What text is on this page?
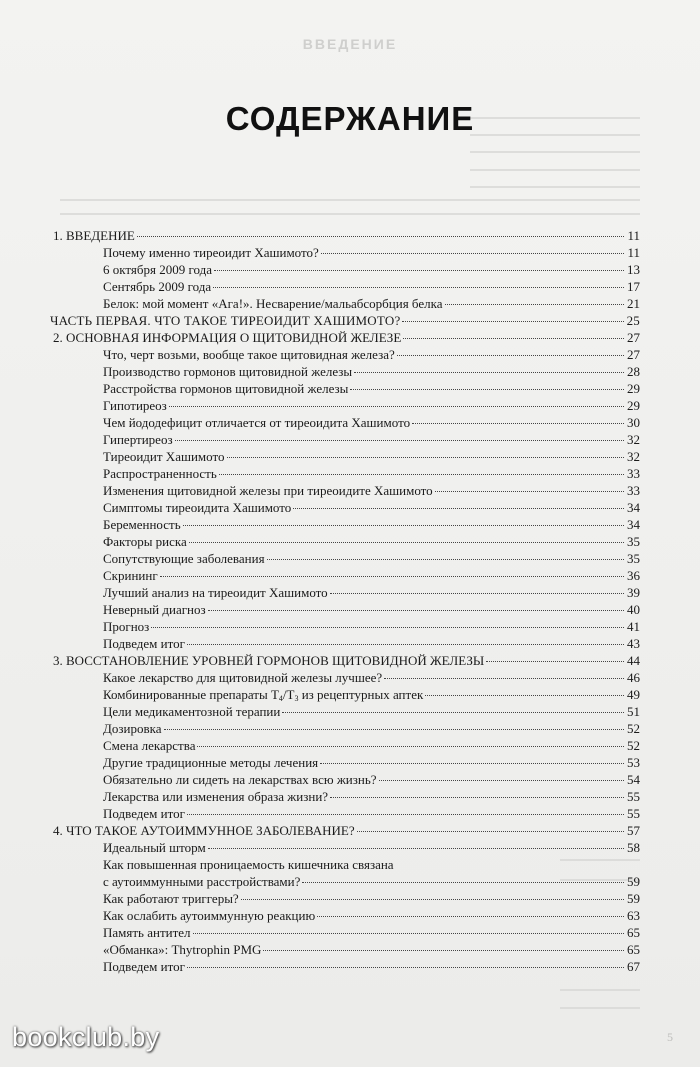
ВВЕДЕНИЕ
СОДЕРЖАНИЕ
1. ВВЕДЕНИЕ	11
Почему именно тиреоидит Хашимото?	11
6 октября 2009 года	13
Сентябрь 2009 года	17
Белок: мой момент «Ага!». Несварение/мальабсорбция белка	21
ЧАСТЬ ПЕРВАЯ. ЧТО ТАКОЕ ТИРЕОИДИТ ХАШИМОТО?	25
2. ОСНОВНАЯ ИНФОРМАЦИЯ О ЩИТОВИДНОЙ ЖЕЛЕЗЕ	27
Что, черт возьми, вообще такое щитовидная железа?	27
Производство гормонов щитовидной железы	28
Расстройства гормонов щитовидной железы	29
Гипотиреоз	29
Чем йододефицит отличается от тиреоидита Хашимото	30
Гипертиреоз	32
Тиреоидит Хашимото	32
Распространенность	33
Изменения щитовидной железы при тиреоидите Хашимото	33
Симптомы тиреоидита Хашимото	34
Беременность	34
Факторы риска	35
Сопутствующие заболевания	35
Скрининг	36
Лучший анализ на тиреоидит Хашимото	39
Неверный диагноз	40
Прогноз	41
Подведем итог	43
3. ВОССТАНОВЛЕНИЕ УРОВНЕЙ ГОРМОНОВ ЩИТОВИДНОЙ ЖЕЛЕЗЫ	44
Какое лекарство для щитовидной железы лучшее?	46
Комбинированные препараты $T_4/T_3$ из рецептурных аптек	49
Цели медикаментозной терапии	51
Дозировка	52
Смена лекарства	52
Другие традиционные методы лечения	53
Обязательно ли сидеть на лекарствах всю жизнь?	54
Лекарства или изменения образа жизни?	55
Подведем итог	55
4. ЧТО ТАКОЕ АУТОИММУННОЕ ЗАБОЛЕВАНИЕ?	57
Идеальный шторм	58
Как повышенная проницаемость кишечника связана
с аутоиммунными расстройствами?	59
Как работают триггеры?	59
Как ослабить аутоиммунную реакцию	63
Память антител	65
«Обманка»: Thytrophin PMG	65
Подведем итог	67
bookclub.by	5
